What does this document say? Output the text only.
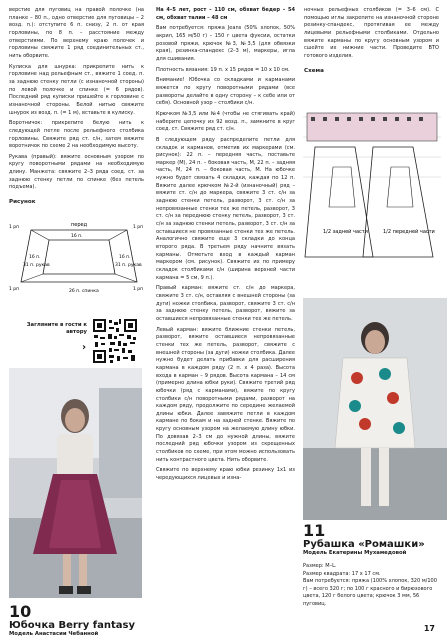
верстие для пуговиц на правой полочке (на планке – 80 п., одно отверстие для пуговицы – 2 возд. п.): отступите 6 п. снизу, 2 п. от края горловины, по 8 п. – расстояние между отверстиями. По верхнему краю полочек и горловины свяжите 1 ряд соединительных ст., нить оборвите.

Кулиска для шнурка: прикрепите нить к горловине над рельефным ст., вяжите 1 соед. п. за заднюю стенку петли (с изнаночной стороны) по левой полочке и спинке (= 6 рядов). Последний ряд кулиски пришейте к горловине с изнаночной стороны. Белой нитью свяжите шнурок из возд. п. (= 1 м), вставьте в кулиску.

Воротничок: прикрепите белую нить к следующей петле после рельефного столбика горловины. Свяжите ряд ст. с/н, затем вяжите воротничок по схеме 2 на необходимую высоту.

Рукава (правый): вяжите основным узором по кругу поворотными рядами на необходимую длину. Манжета: свяжите 2–3 ряда соед. ст. за заднюю стенку петли по спинке (без петель подъема).

Рисунок
перед
1 рп	1 рп
1 рп	1 рп
16 п.
16 п.	16 п.
31 п. рукав	31 п. рукав
26 п. спинка
Загляните в гости к автору
›
10
Юбочка Berry fantasy
Модель Анастасии Чебанной

На 4–5 лет, рост – 110 см, обхват бедер – 54 см, обхват талии – 48 см

Вам потребуется: пряжа Jeans (50% хлопок, 50% акрил, 165 м/50 г) – 150 г цвета фуксии, остатки розовой пряжи, крючок №3, №3,5 (для обвязки края), резинка-спандекс (2–3 м), маркеры, игла для сшивания.

Плотность вязания: 19 п. х 15 рядов = 10 х 10 см.

Внимание! Юбочка со складками и карманами вяжется по кругу поворотными рядами (все развороты делайте в одну сторону – к себе или от себя). Основной узор – столбики с/н.

Крючком №3,5 или №4 (чтобы не стягивать край) наберите цепочку из 92 возд. п., замкните в круг соед. ст. Свяжите ряд ст. с/н.

В следующем ряду распределите петли для складок и карманов, отметив их маркерами (см. рисунок): 22 п. – передняя часть, поставьте маркер (М), 24 п. – боковая часть, М, 22 п. – задняя часть, М, 24 п. – боковая часть, М. На юбочке нужно будет связать 4 складки, каждая по 12 п. Вяжите далее крючком №2-й (изнаночный) ряд – вяжите ст. с/н до маркера, свяжите 3 ст. с/н за заднюю стенки петель, разворот, 3 ст. с/н за непровязанные стенки тех же петель, разворот, 3 ст. с/н за переднюю стенку петель, разворот, 3 ст. с/н за заднюю стенки петель, разворот, 3 ст. с/н за оставшиеся не провязанные стенки тех же петель. Аналогично свяжите еще 3 складки до конца второго ряда. В третьем ряду начните вязать карманы. Отметьте вход в каждый карман маркером (см. рисунок). Свяжите их по примеру складок столбиками с/н (ширина верхней части кармана = 5 см, 9 п.).

Правый карман: вяжите ст. с/н до маркера, свяжите 3 ст. с/н, оставляя с внешней стороны (за дуги) ножки столбика, разворот, свяжите 3 ст. с/н за заднюю стенку петель, разворот, вяжите за оставшиеся непровязанные стенки тех же петель.

Левый карман: вяжите ближние стенки петель, разворот, вяжите оставшиеся непровязанные стенки тех же петель, разворот, свяжите с внешней стороны (за дуги) ножки столбика. Далее нужно будет делать прибавки для расширения кармана в каждом ряду (2 п. х 4 раза). Высота входа в карман – 9 рядов. Высота кармана – 14 см (примерно длина юбки руки). Свяжите третий ряд юбочки (ряд с карманами), вяжите по кругу столбики с/н поворотными рядами, разворот на каждом ряду, продолжите по середине желаемой длины юбки. Далее завяжите петли в каждом кармане по бокам и на задней стенке. Вяжите по кругу основным узором на желаемую длину юбки. По довязав 2–3 см до нужной длины, вяжите последний ряд юбочки узором из скрещенных столбиков по схеме, при этом можно использовать нить контрастного цвета. Нить оборвите.

Свяжите по верхнему краю юбки резинку 1х1 из чередующихся лицевых и изна-

ночных рельефных столбиков (= 3–6 см). С помощью иглы закрепите на изнаночной стороне резинку-спандекс, протягивая ее между лицевыми рельефными столбиками. Отдельно вяжите карманы по кругу основным узором и сшейте их нижние части. Проведите ВТО готового изделия.

Схема
1/2 задней части	1/2 передней части
11
Рубашка «Ромашки»
Модель Екатерины Мухамедовой
Размер: М–L.
Размер квадрата: 17 х 17 см.
Вам потребуется: пряжа (100% хлопок, 320 м/100 г) – всего 320 г; по 100 г красного и бирюзового цвета, 120 г белого цвета; крючок 3 мм, 56 пуговиц.
17
